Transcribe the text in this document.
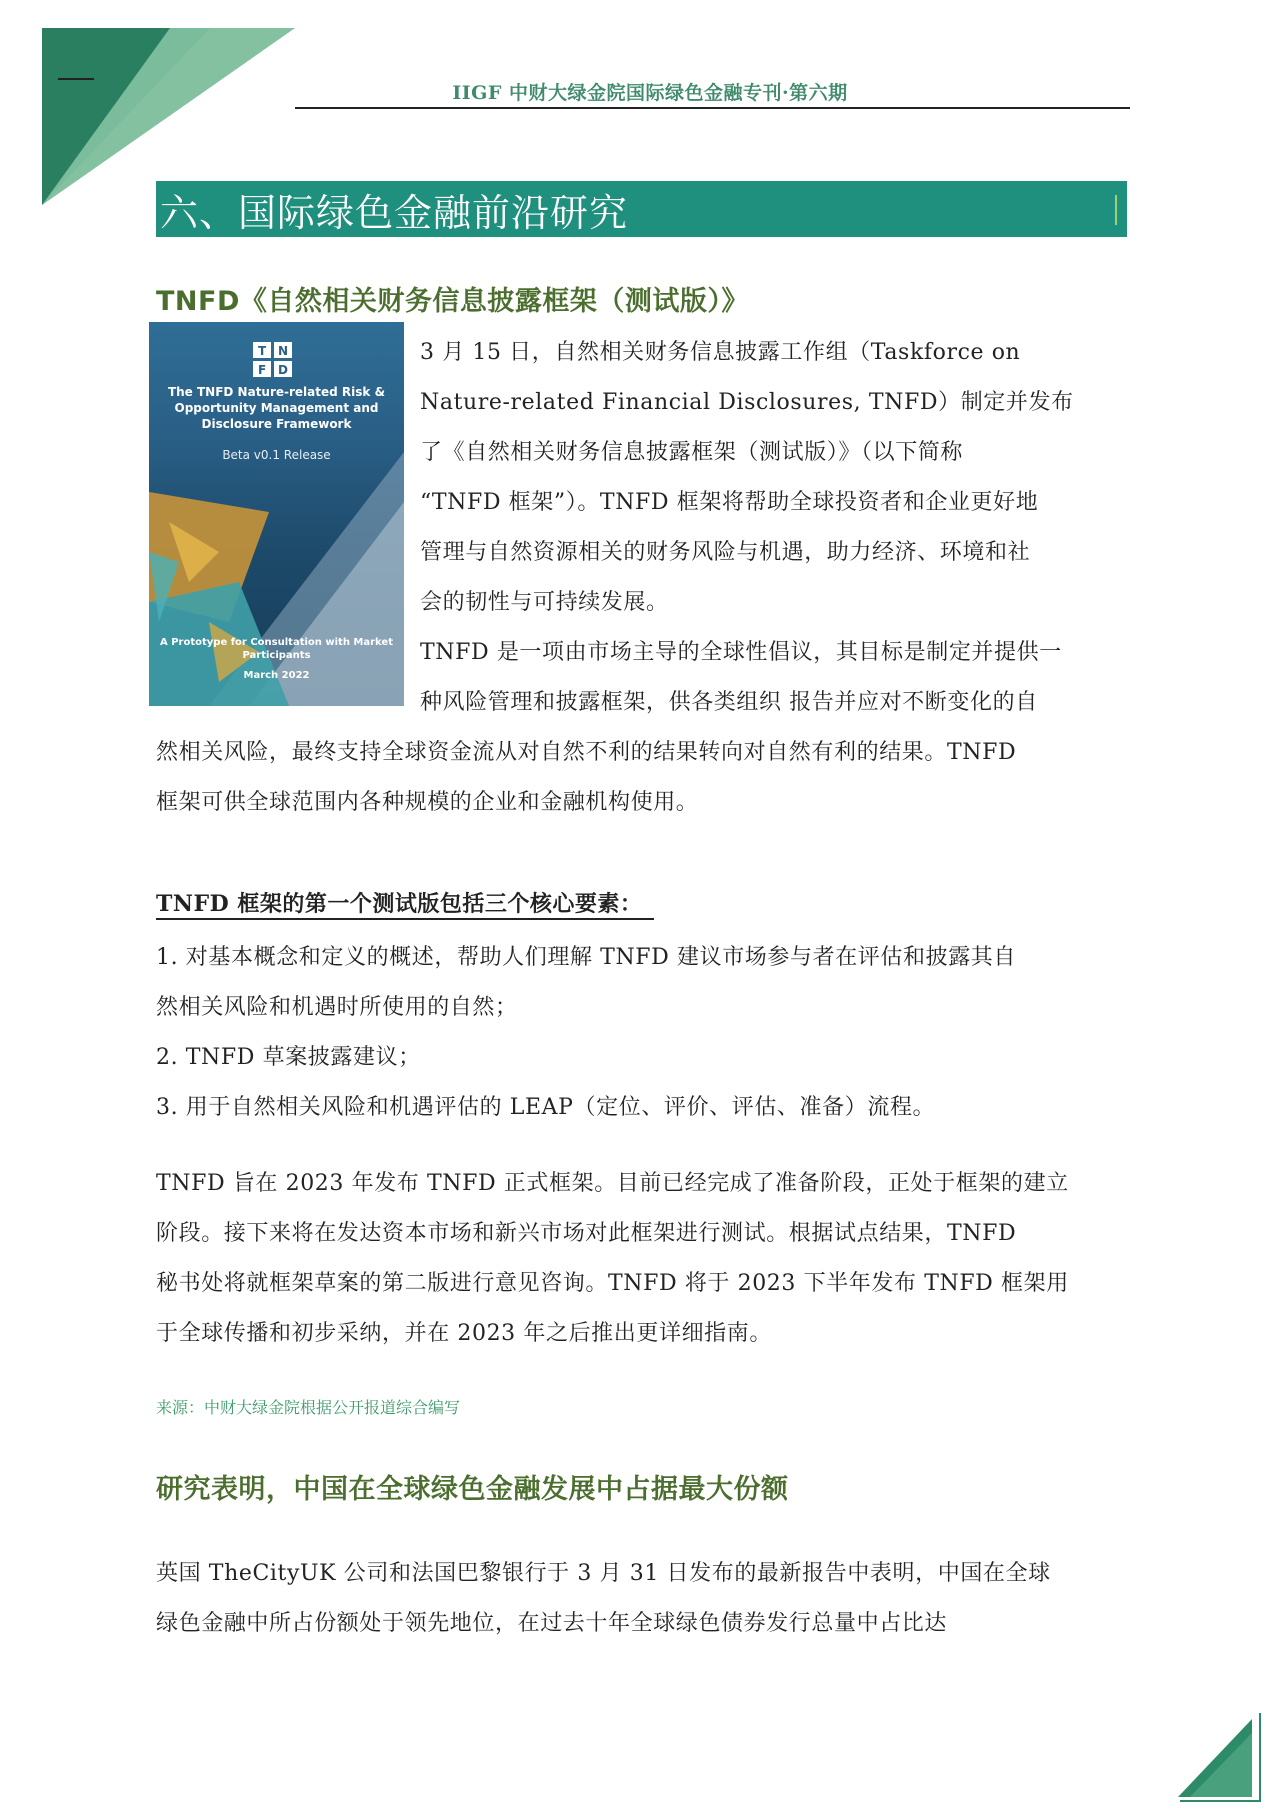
IIGF 中财大绿金院国际绿色金融专刊·第六期
六、国际绿色金融前沿研究
TNFD《自然相关财务信息披露框架（测试版）》
T N
F D
The TNFD Nature-related Risk & Opportunity Management and Disclosure Framework
Beta v0.1 Release
A Prototype for Consultation with Market Participants
March 2022
3 月 15 日，自然相关财务信息披露工作组（Taskforce on
Nature-related Financial Disclosures, TNFD）制定并发布
了《自然相关财务信息披露框架（测试版）》（以下简称
“TNFD 框架”）。TNFD 框架将帮助全球投资者和企业更好地
管理与自然资源相关的财务风险与机遇，助力经济、环境和社
会的韧性与可持续发展。
TNFD 是一项由市场主导的全球性倡议，其目标是制定并提供一
种风险管理和披露框架，供各类组织 报告并应对不断变化的自
然相关风险，最终支持全球资金流从对自然不利的结果转向对自然有利的结果。TNFD
框架可供全球范围内各种规模的企业和金融机构使用。
TNFD 框架的第一个测试版包括三个核心要素：
1. 对基本概念和定义的概述，帮助人们理解 TNFD 建议市场参与者在评估和披露其自
然相关风险和机遇时所使用的自然；
2. TNFD 草案披露建议；
3. 用于自然相关风险和机遇评估的 LEAP（定位、评价、评估、准备）流程。
TNFD 旨在 2023 年发布 TNFD 正式框架。目前已经完成了准备阶段，正处于框架的建立
阶段。接下来将在发达资本市场和新兴市场对此框架进行测试。根据试点结果，TNFD
秘书处将就框架草案的第二版进行意见咨询。TNFD 将于 2023 下半年发布 TNFD 框架用
于全球传播和初步采纳，并在 2023 年之后推出更详细指南。
来源：中财大绿金院根据公开报道综合编写
研究表明，中国在全球绿色金融发展中占据最大份额
英国 TheCityUK 公司和法国巴黎银行于 3 月 31 日发布的最新报告中表明，中国在全球
绿色金融中所占份额处于领先地位，在过去十年全球绿色债券发行总量中占比达
